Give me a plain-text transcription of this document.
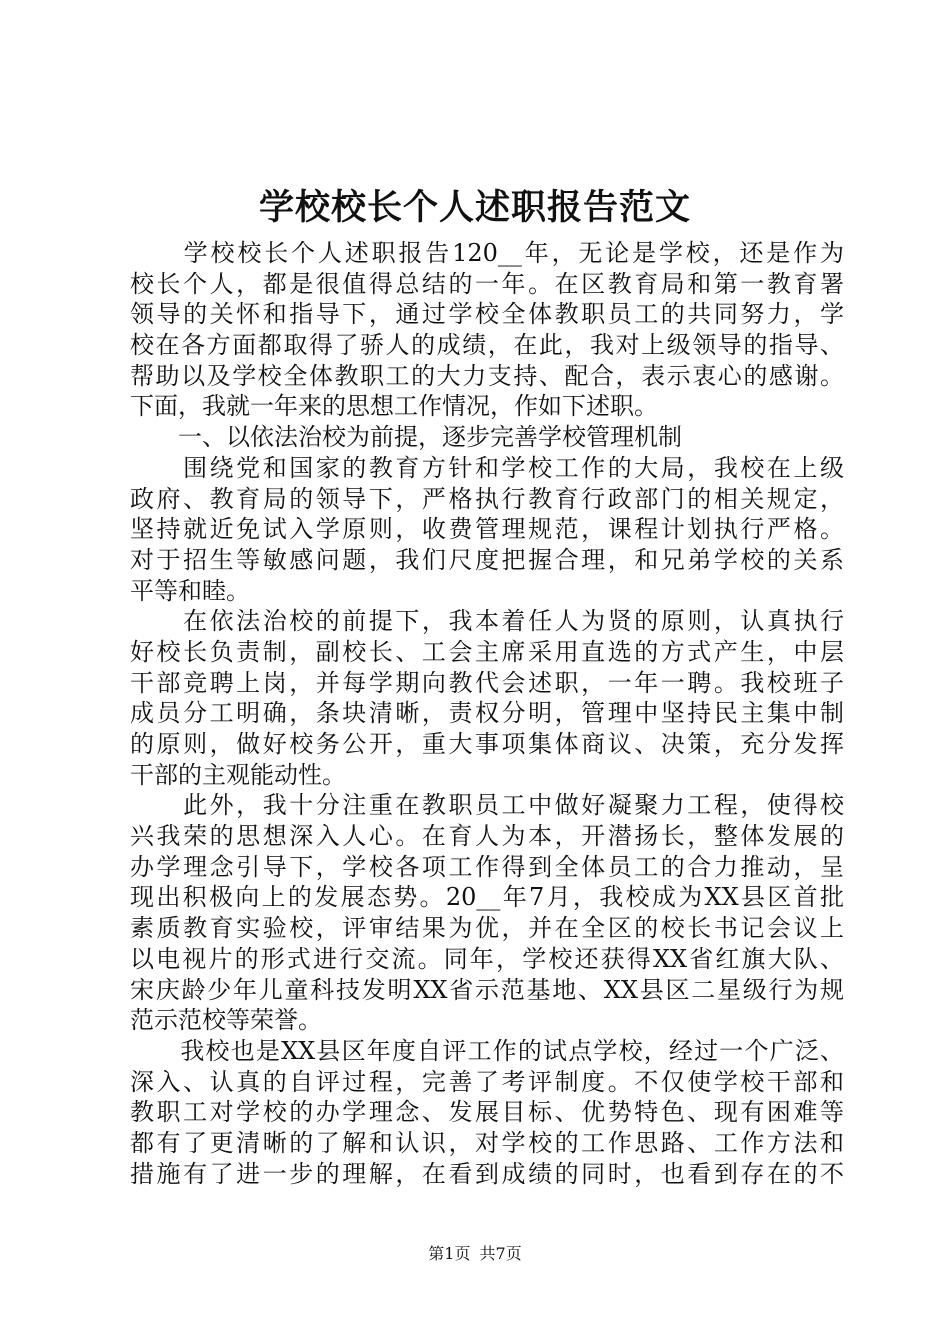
学校校长个人述职报告范文
　　学校校长个人述职报告120__年，无论是学校，还是作为
校长个人，都是很值得总结的一年。在区教育局和第一教育署
领导的关怀和指导下，通过学校全体教职员工的共同努力，学
校在各方面都取得了骄人的成绩，在此，我对上级领导的指导、
帮助以及学校全体教职工的大力支持、配合，表示衷心的感谢。
下面，我就一年来的思想工作情况，作如下述职。
　　一、以依法治校为前提，逐步完善学校管理机制
　　围绕党和国家的教育方针和学校工作的大局，我校在上级
政府、教育局的领导下，严格执行教育行政部门的相关规定，
坚持就近免试入学原则，收费管理规范，课程计划执行严格。
对于招生等敏感问题，我们尺度把握合理，和兄弟学校的关系
平等和睦。
　　在依法治校的前提下，我本着任人为贤的原则，认真执行
好校长负责制，副校长、工会主席采用直选的方式产生，中层
干部竞聘上岗，并每学期向教代会述职，一年一聘。我校班子
成员分工明确，条块清晰，责权分明，管理中坚持民主集中制
的原则，做好校务公开，重大事项集体商议、决策，充分发挥
干部的主观能动性。
　　此外，我十分注重在教职员工中做好凝聚力工程，使得校
兴我荣的思想深入人心。在育人为本，开潜扬长，整体发展的
办学理念引导下，学校各项工作得到全体员工的合力推动，呈
现出积极向上的发展态势。20__年7月，我校成为XX县区首批
素质教育实验校，评审结果为优，并在全区的校长书记会议上
以电视片的形式进行交流。同年，学校还获得XX省红旗大队、
宋庆龄少年儿童科技发明XX省示范基地、XX县区二星级行为规
范示范校等荣誉。
　　我校也是XX县区年度自评工作的试点学校，经过一个广泛、
深入、认真的自评过程，完善了考评制度。不仅使学校干部和
教职工对学校的办学理念、发展目标、优势特色、现有困难等
都有了更清晰的了解和认识，对学校的工作思路、工作方法和
措施有了进一步的理解，在看到成绩的同时，也看到存在的不
第1页 共7页
